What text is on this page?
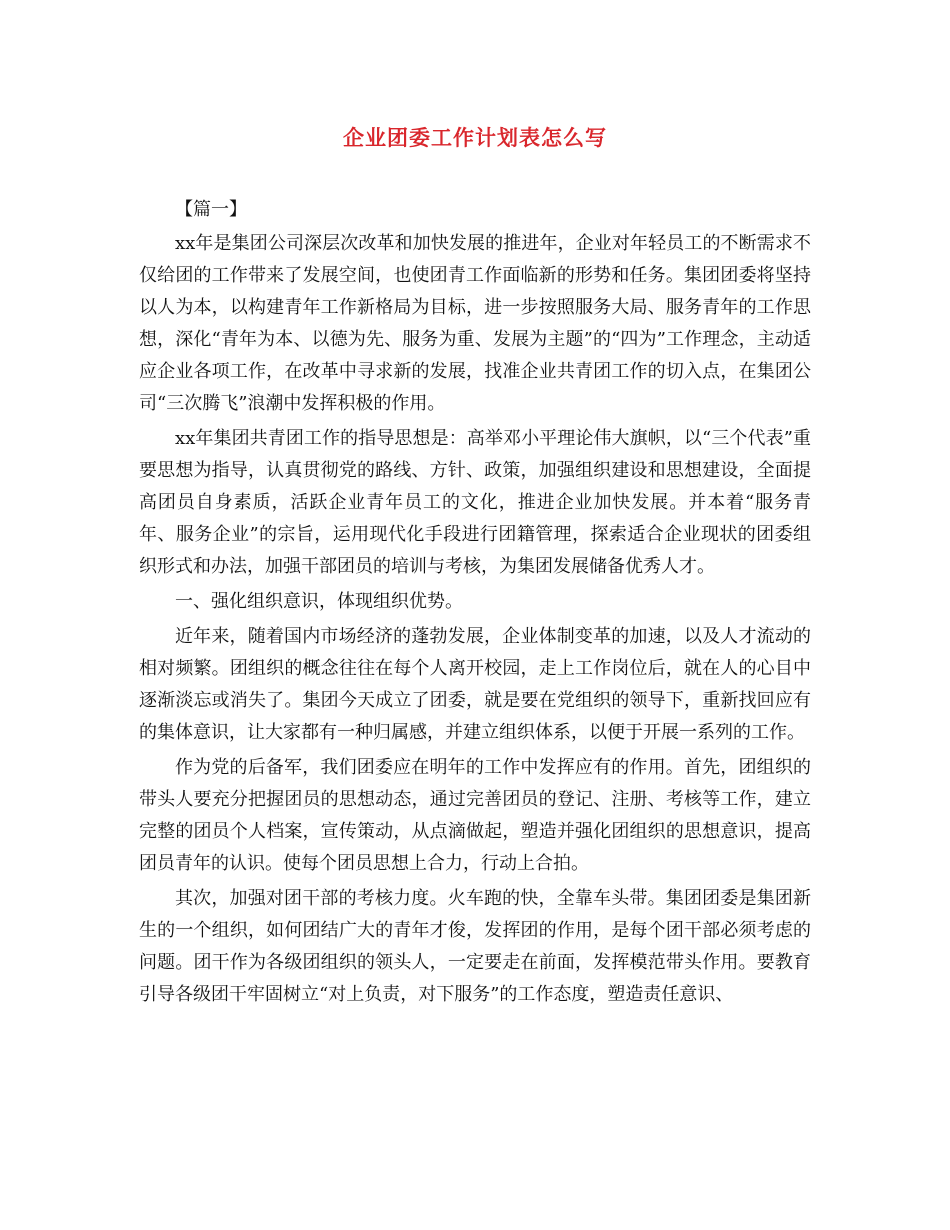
企业团委工作计划表怎么写

【篇一】

xx年是集团公司深层次改革和加快发展的推进年，企业对年轻员工的不断需求不仅给团的工作带来了发展空间，也使团青工作面临新的形势和任务。集团团委将坚持以人为本，以构建青年工作新格局为目标，进一步按照服务大局、服务青年的工作思想，深化“青年为本、以德为先、服务为重、发展为主题”的“四为”工作理念，主动适应企业各项工作，在改革中寻求新的发展，找准企业共青团工作的切入点，在集团公司“三次腾飞”浪潮中发挥积极的作用。

xx年集团共青团工作的指导思想是：高举邓小平理论伟大旗帜，以“三个代表”重要思想为指导，认真贯彻党的路线、方针、政策，加强组织建设和思想建设，全面提高团员自身素质，活跃企业青年员工的文化，推进企业加快发展。并本着“服务青年、服务企业”的宗旨，运用现代化手段进行团籍管理，探索适合企业现状的团委组织形式和办法，加强干部团员的培训与考核，为集团发展储备优秀人才。

一、强化组织意识，体现组织优势。

近年来，随着国内市场经济的蓬勃发展，企业体制变革的加速，以及人才流动的相对频繁。团组织的概念往往在每个人离开校园，走上工作岗位后，就在人的心目中逐渐淡忘或消失了。集团今天成立了团委，就是要在党组织的领导下，重新找回应有的集体意识，让大家都有一种归属感，并建立组织体系，以便于开展一系列的工作。

作为党的后备军，我们团委应在明年的工作中发挥应有的作用。首先，团组织的带头人要充分把握团员的思想动态，通过完善团员的登记、注册、考核等工作，建立完整的团员个人档案，宣传策动，从点滴做起，塑造并强化团组织的思想意识，提高团员青年的认识。使每个团员思想上合力，行动上合拍。

其次，加强对团干部的考核力度。火车跑的快，全靠车头带。集团团委是集团新生的一个组织，如何团结广大的青年才俊，发挥团的作用，是每个团干部必须考虑的问题。团干作为各级团组织的领头人，一定要走在前面，发挥模范带头作用。要教育引导各级团干牢固树立“对上负责，对下服务”的工作态度，塑造责任意识、
